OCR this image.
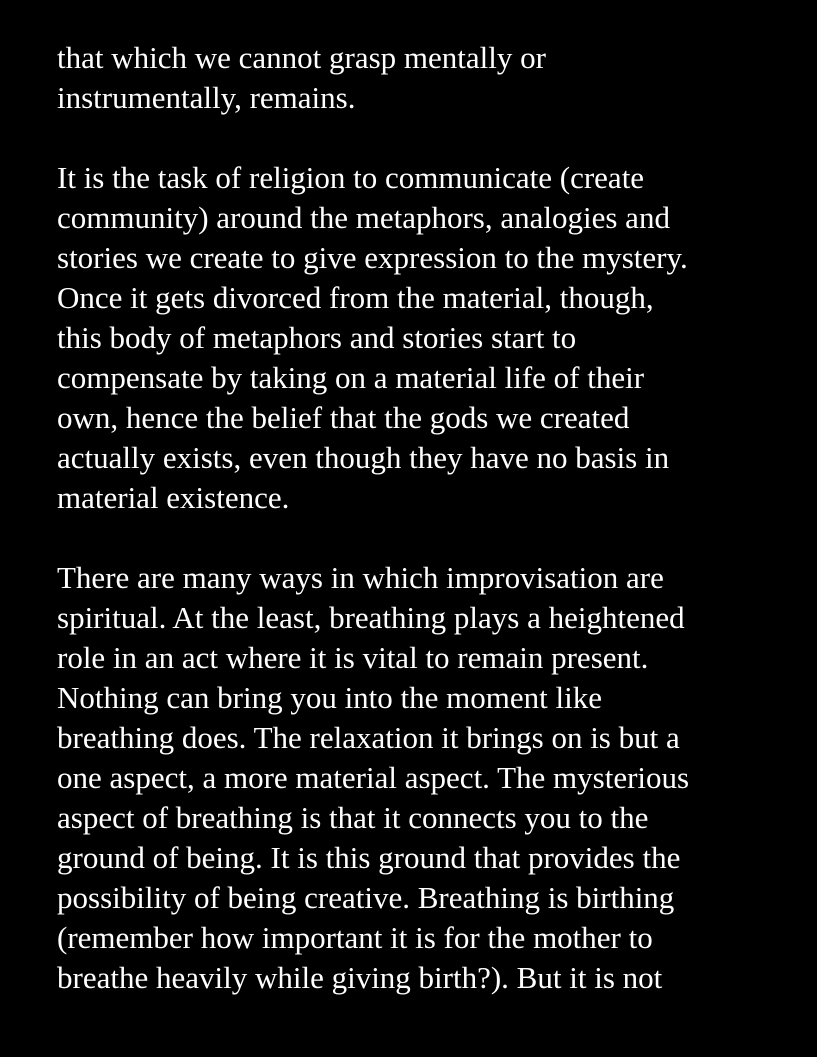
that which we cannot grasp mentally or
instrumentally, remains.
It is the task of religion to communicate (create
community) around the metaphors, analogies and
stories we create to give expression to the mystery.
Once it gets divorced from the material, though,
this body of metaphors and stories start to
compensate by taking on a material life of their
own, hence the belief that the gods we created
actually exists, even though they have no basis in
material existence.
There are many ways in which improvisation are
spiritual. At the least, breathing plays a heightened
role in an act where it is vital to remain present.
Nothing can bring you into the moment like
breathing does. The relaxation it brings on is but a
one aspect, a more material aspect. The mysterious
aspect of breathing is that it connects you to the
ground of being. It is this ground that provides the
possibility of being creative. Breathing is birthing
(remember how important it is for the mother to
breathe heavily while giving birth?). But it is not
